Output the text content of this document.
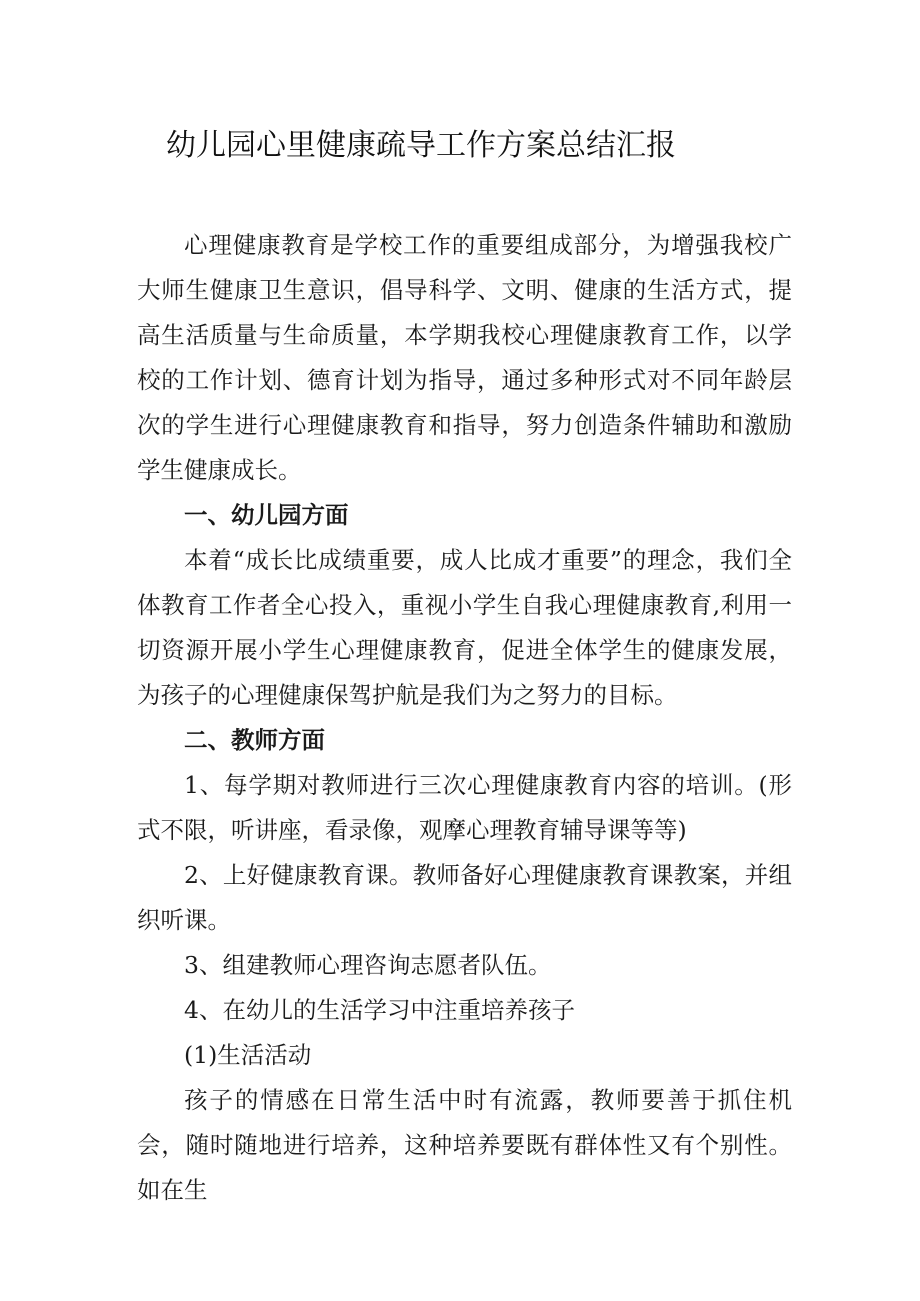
幼儿园心里健康疏导工作方案总结汇报

心理健康教育是学校工作的重要组成部分，为增强我校广大师生健康卫生意识，倡导科学、文明、健康的生活方式，提高生活质量与生命质量，本学期我校心理健康教育工作，以学校的工作计划、德育计划为指导，通过多种形式对不同年龄层次的学生进行心理健康教育和指导，努力创造条件辅助和激励学生健康成长。

一、幼儿园方面

本着“成长比成绩重要，成人比成才重要”的理念，我们全体教育工作者全心投入，重视小学生自我心理健康教育,利用一切资源开展小学生心理健康教育，促进全体学生的健康发展，为孩子的心理健康保驾护航是我们为之努力的目标。

二、教师方面

1、每学期对教师进行三次心理健康教育内容的培训。(形式不限，听讲座，看录像，观摩心理教育辅导课等等)

2、上好健康教育课。教师备好心理健康教育课教案，并组织听课。

3、组建教师心理咨询志愿者队伍。

4、在幼儿的生活学习中注重培养孩子

(1)生活活动

孩子的情感在日常生活中时有流露，教师要善于抓住机会，随时随地进行培养，这种培养要既有群体性又有个别性。如在生
